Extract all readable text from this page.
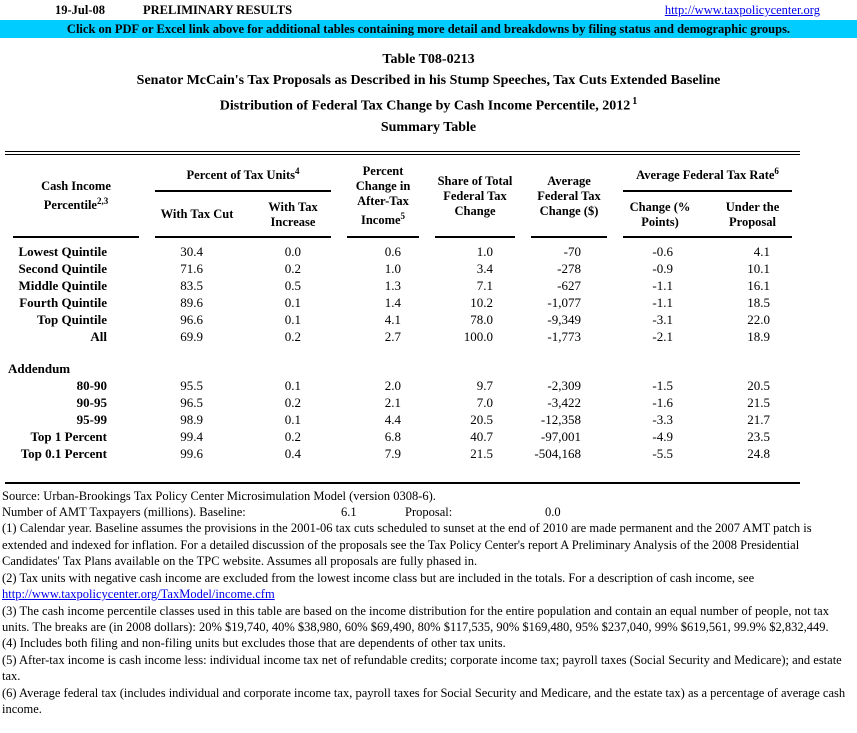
19-Jul-08	PRELIMINARY RESULTS	http://www.taxpolicycenter.org
Click on PDF or Excel link above for additional tables containing more detail and breakdowns by filing status and demographic groups.
Table T08-0213
Senator McCain's Tax Proposals as Described in his Stump Speeches, Tax Cuts Extended Baseline
Distribution of Federal Tax Change by Cash Income Percentile, 2012 $^1$
Summary Table
Cash Income Percentile$^{2,3}$	Percent of Tax Units$^4$		Percent Change in After-Tax Income$^5$	Share of Total Federal Tax Change	Average Federal Tax Change ($)	Average Federal Tax Rate$^6$
	With Tax Cut	With Tax Increase				Change (% Points)	Under the Proposal

Lowest Quintile	30.4	0.0	0.6	1.0	-70	-0.6	4.1
Second Quintile	71.6	0.2	1.0	3.4	-278	-0.9	10.1
Middle Quintile	83.5	0.5	1.3	7.1	-627	-1.1	16.1
Fourth Quintile	89.6	0.1	1.4	10.2	-1,077	-1.1	18.5
Top Quintile	96.6	0.1	4.1	78.0	-9,349	-3.1	22.0
All	69.9	0.2	2.7	100.0	-1,773	-2.1	18.9

Addendum							
80-90	95.5	0.1	2.0	9.7	-2,309	-1.5	20.5
90-95	96.5	0.2	2.1	7.0	-3,422	-1.6	21.5
95-99	98.9	0.1	4.4	20.5	-12,358	-3.3	21.7
Top 1 Percent	99.4	0.2	6.8	40.7	-97,001	-4.9	23.5
Top 0.1 Percent	99.6	0.4	7.9	21.5	-504,168	-5.5	24.8

Source: Urban-Brookings Tax Policy Center Microsimulation Model (version 0308-6).
Number of AMT Taxpayers (millions). Baseline:	6.1	Proposal:	0.0
(1) Calendar year. Baseline assumes the provisions in the 2001-06 tax cuts scheduled to sunset at the end of 2010 are made permanent and the 2007 AMT patch is extended and indexed for inflation. For a detailed discussion of the proposals see the Tax Policy Center's report A Preliminary Analysis of the 2008 Presidential Candidates' Tax Plans available on the TPC website. Assumes all proposals are fully phased in.
(2) Tax units with negative cash income are excluded from the lowest income class but are included in the totals. For a description of cash income, see
http://www.taxpolicycenter.org/TaxModel/income.cfm
(3) The cash income percentile classes used in this table are based on the income distribution for the entire population and contain an equal number of people, not tax units. The breaks are (in 2008 dollars): 20% $19,740, 40% $38,980, 60% $69,490, 80% $117,535, 90% $169,480, 95% $237,040, 99% $619,561, 99.9% $2,832,449.
(4) Includes both filing and non-filing units but excludes those that are dependents of other tax units.
(5) After-tax income is cash income less: individual income tax net of refundable credits; corporate income tax; payroll taxes (Social Security and Medicare); and estate tax.
(6) Average federal tax (includes individual and corporate income tax, payroll taxes for Social Security and Medicare, and the estate tax) as a percentage of average cash income.
